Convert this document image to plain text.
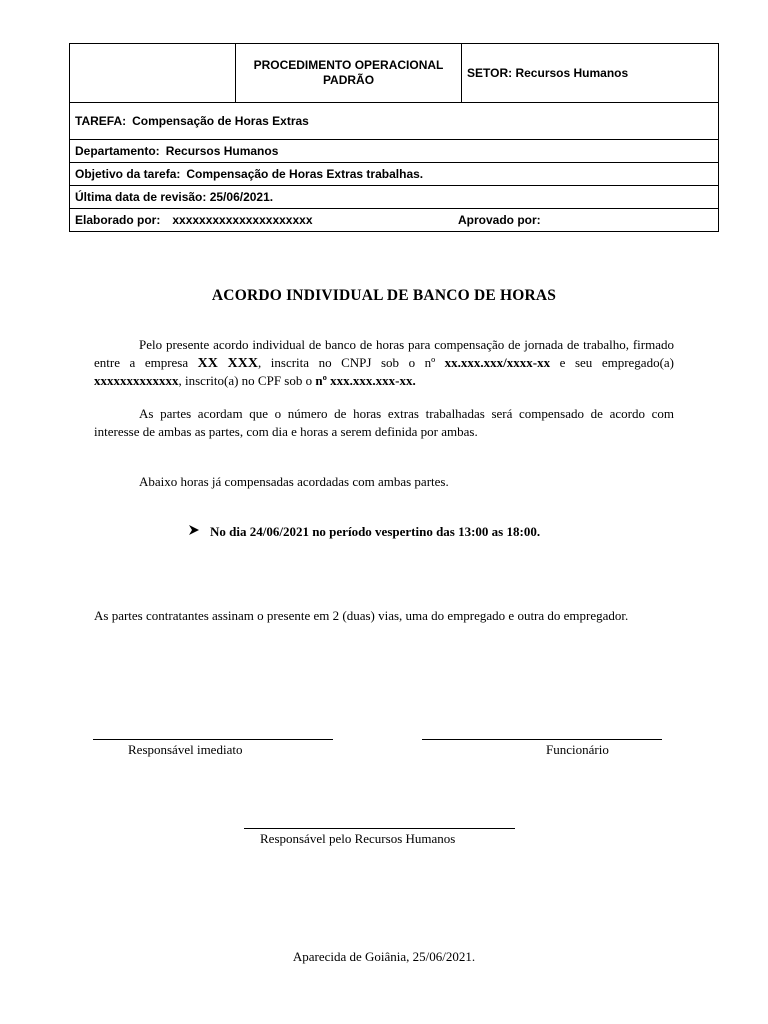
	PROCEDIMENTO OPERACIONAL PADRÃO	SETOR: Recursos Humanos
TAREFA: Compensação de Horas Extras
Departamento: Recursos Humanos
Objetivo da tarefa: Compensação de Horas Extras trabalhas.
Última data de revisão: 25/06/2021.
Elaborado por: xxxxxxxxxxxxxxxxxxxxx	Aprovado por:
ACORDO INDIVIDUAL DE BANCO DE HORAS
Pelo presente acordo individual de banco de horas para compensação de jornada de trabalho, firmado entre a empresa XX XXX, inscrita no CNPJ sob o nº xx.xxx.xxx/xxxx-xx e seu empregado(a) xxxxxxxxxxxxx, inscrito(a) no CPF sob o nº xxx.xxx.xxx-xx.
As partes acordam que o número de horas extras trabalhadas será compensado de acordo com interesse de ambas as partes, com dia e horas a serem definida por ambas.
Abaixo horas já compensadas acordadas com ambas partes.
No dia 24/06/2021 no período vespertino das 13:00 as 18:00.
As partes contratantes assinam o presente em 2 (duas) vias, uma do empregado e outra do empregador.
Responsável imediato	Funcionário
Responsável pelo Recursos Humanos
Aparecida de Goiânia, 25/06/2021.
